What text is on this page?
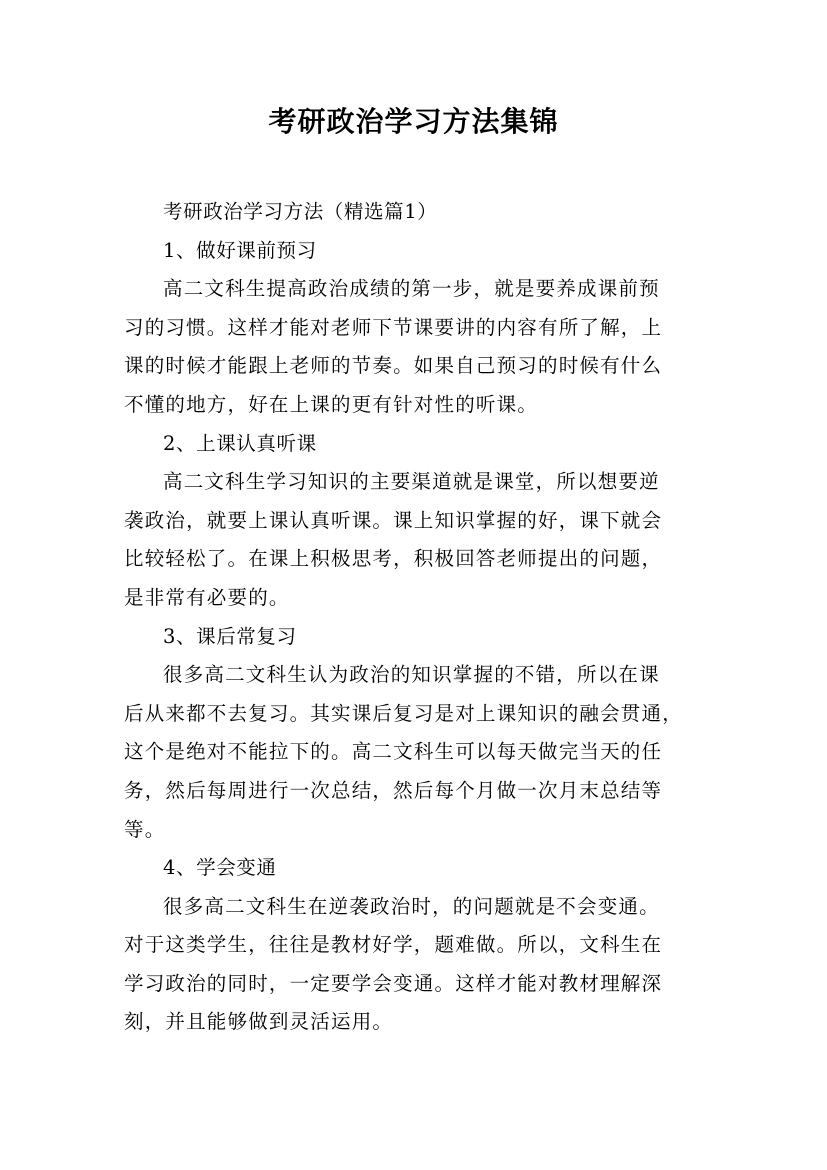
考研政治学习方法集锦

考研政治学习方法（精选篇1）

1、做好课前预习

高二文科生提高政治成绩的第一步，就是要养成课前预
习的习惯。这样才能对老师下节课要讲的内容有所了解，上
课的时候才能跟上老师的节奏。如果自己预习的时候有什么
不懂的地方，好在上课的更有针对性的听课。

2、上课认真听课

高二文科生学习知识的主要渠道就是课堂，所以想要逆
袭政治，就要上课认真听课。课上知识掌握的好，课下就会
比较轻松了。在课上积极思考，积极回答老师提出的问题，
是非常有必要的。

3、课后常复习

很多高二文科生认为政治的知识掌握的不错，所以在课
后从来都不去复习。其实课后复习是对上课知识的融会贯通，
这个是绝对不能拉下的。高二文科生可以每天做完当天的任
务，然后每周进行一次总结，然后每个月做一次月末总结等
等。

4、学会变通

很多高二文科生在逆袭政治时，的问题就是不会变通。
对于这类学生，往往是教材好学，题难做。所以，文科生在
学习政治的同时，一定要学会变通。这样才能对教材理解深
刻，并且能够做到灵活运用。
